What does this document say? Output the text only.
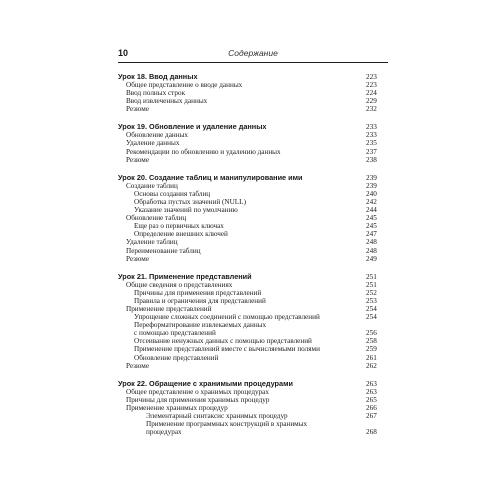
10	Содержание
Урок 18. Ввод данных	223
Общее представление о вводе данных	223
Ввод полных строк	224
Ввод извлеченных данных	229
Резюме	232
Урок 19. Обновление и удаление данных	233
Обновление данных	233
Удаление данных	235
Рекомендации по обновлению и удалению данных	237
Резюме	238
Урок 20. Создание таблиц и манипулирование ими	239
Создание таблиц	239
Основы создания таблиц	240
Обработка пустых значений (NULL)	242
Указание значений по умолчанию	244
Обновление таблиц	245
Еще раз о первичных ключах	245
Определение внешних ключей	247
Удаление таблиц	248
Переименование таблиц	248
Резюме	249
Урок 21. Применение представлений	251
Общие сведения о представлениях	251
Причины для применения представлений	252
Правила и ограничения для представлений	253
Применение представлений	254
Упрощение сложных соединений с помощью представлений	254
Переформатирование извлекаемых данных
с помощью представлений	256
Отсеивание ненужных данных с помощью представлений	258
Применение представлений вместе с вычисляемыми полями	259
Обновление представлений	261
Резюме	262
Урок 22. Обращение с хранимыми процедурами	263
Общее представление о хранимых процедурах	263
Причины для применения хранимых процедур	265
Применение хранимых процедур	266
Элементарный синтаксис хранимых процедур	267
Применение программных конструкций в хранимых
процедурах	268
